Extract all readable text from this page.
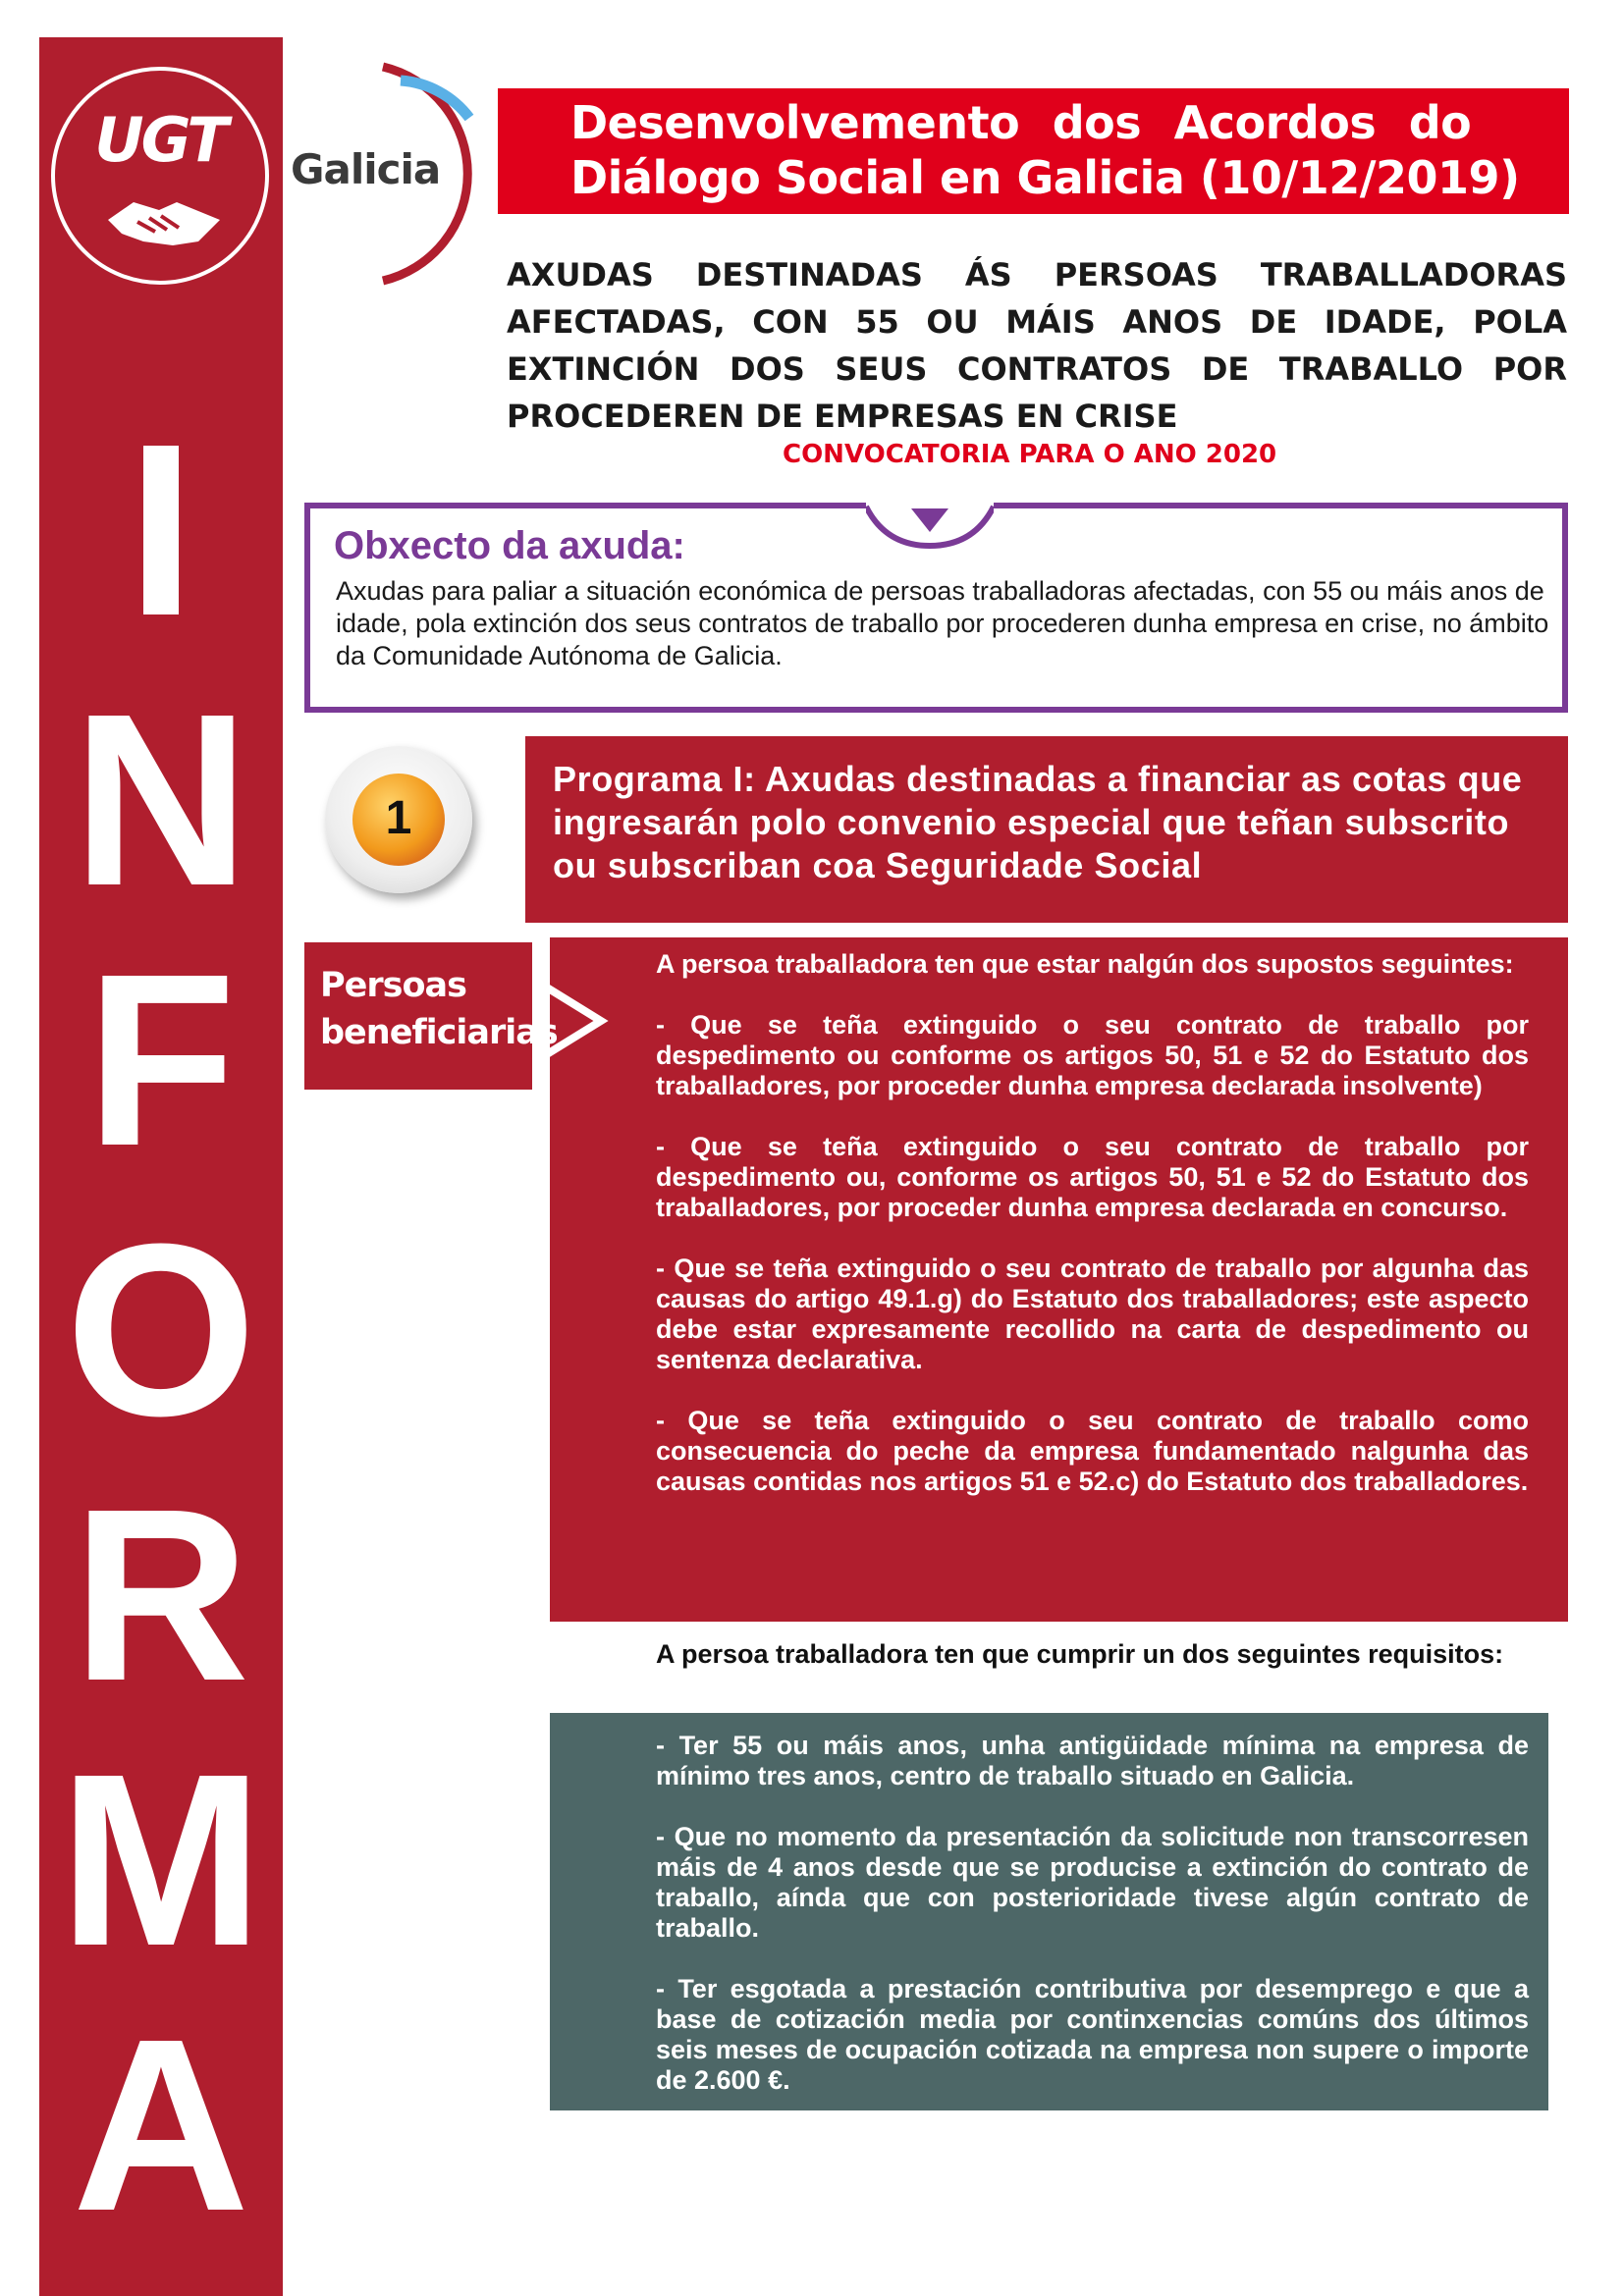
UGT
I
N
F
O
R
M
A
Galicia
Desenvolvemento dos Acordos do
Diálogo Social en Galicia (10/12/2019)
AXUDAS DESTINADAS ÁS PERSOAS TRABALLADORAS AFECTADAS, CON 55 OU MÁIS ANOS DE IDADE, POLA EXTINCIÓN DOS SEUS CONTRATOS DE TRABALLO POR PROCEDEREN DE EMPRESAS EN CRISE
CONVOCATORIA PARA O ANO 2020
Obxecto da axuda:
Axudas para paliar a situación económica de persoas traballadoras afectadas, con 55 ou máis anos de idade, pola extinción dos seus contratos de traballo por procederen dunha empresa en crise, no ámbito da Comunidade Autónoma de Galicia.
1
Programa I: Axudas destinadas a financiar as cotas que ingresarán polo convenio especial que teñan subscrito ou subscriban coa Seguridade Social

A persoa traballadora ten que estar nalgún dos supostos seguintes:

- Que se teña extinguido o seu contrato de traballo por despedimento ou conforme os artigos 50, 51 e 52 do Estatuto dos traballadores, por proceder dunha empresa declarada insolvente)

- Que se teña extinguido o seu contrato de traballo por despedimento ou, conforme os artigos 50, 51 e 52 do Estatuto dos traballadores, por proceder dunha empresa declarada en concurso.

- Que se teña extinguido o seu contrato de traballo por algunha das causas do artigo 49.1.g) do Estatuto dos traballadores; este aspecto debe estar expresamente recollido na carta de despedimento ou sentenza declarativa.

- Que se teña extinguido o seu contrato de traballo como consecuencia do peche da empresa fundamentado nalgunha das causas contidas nos artigos 51 e 52.c) do Estatuto dos traballadores.

Persoas
beneficiarias
A persoa traballadora ten que cumprir un dos seguintes requisitos:

- Ter 55 ou máis anos, unha antigüidade mínima na empresa de mínimo tres anos, centro de traballo situado en Galicia.

- Que no momento da presentación da solicitude non transcorresen máis de 4 anos desde que se producise a extinción do contrato de traballo, aínda que con posterioridade tivese algún contrato de traballo.

- Ter esgotada a prestación contributiva por desemprego e que a base de cotización media por continxencias comúns dos últimos seis meses de ocupación cotizada na empresa non supere o importe de 2.600 €.
